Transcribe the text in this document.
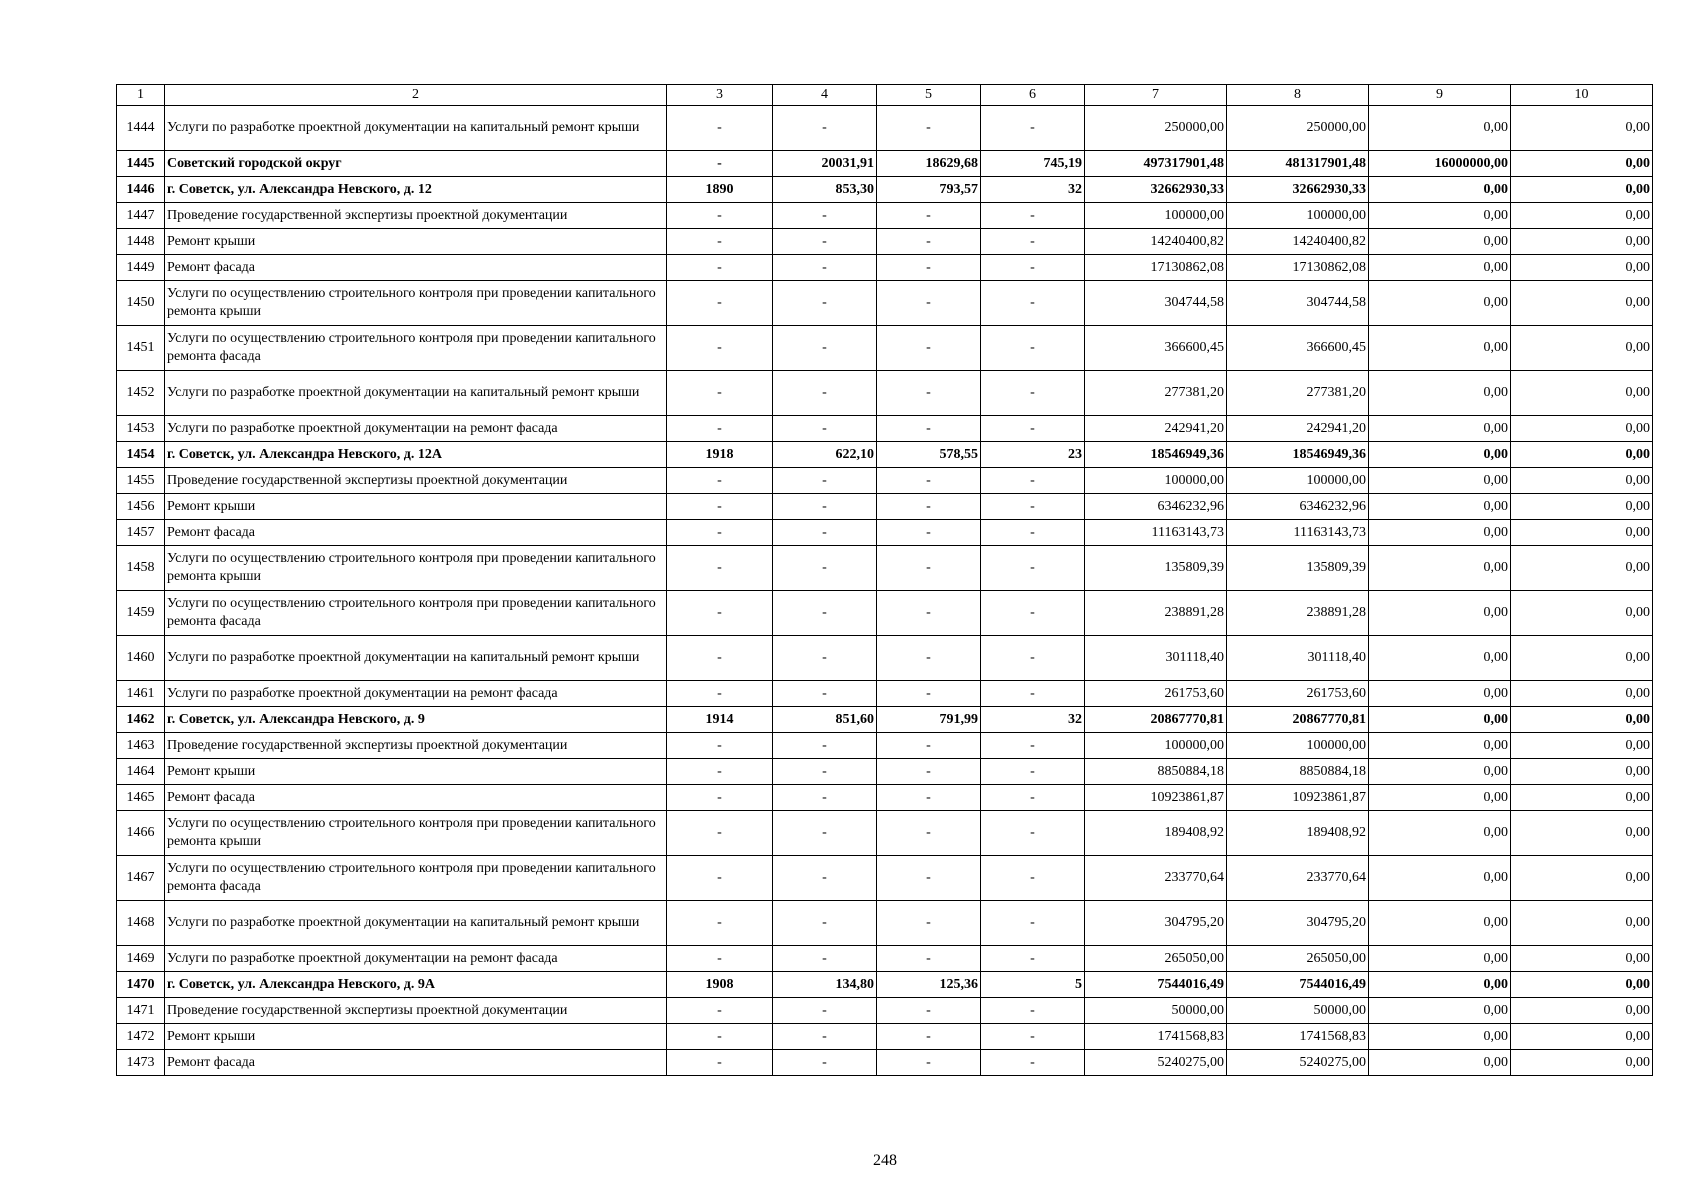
1	2	3	4	5	6	7	8	9	10
1444	Услуги по разработке проектной документации на капитальный ремонт крыши	-	-	-	-	250000,00	250000,00	0,00	0,00
1445	Советский городской округ	-	20031,91	18629,68	745,19	497317901,48	481317901,48	16000000,00	0,00
1446	г. Советск, ул. Александра Невского, д. 12	1890	853,30	793,57	32	32662930,33	32662930,33	0,00	0,00
1447	Проведение государственной экспертизы проектной документации	-	-	-	-	100000,00	100000,00	0,00	0,00
1448	Ремонт крыши	-	-	-	-	14240400,82	14240400,82	0,00	0,00
1449	Ремонт фасада	-	-	-	-	17130862,08	17130862,08	0,00	0,00
1450	Услуги по осуществлению строительного контроля при проведении капитального ремонта крыши	-	-	-	-	304744,58	304744,58	0,00	0,00
1451	Услуги по осуществлению строительного контроля при проведении капитального ремонта фасада	-	-	-	-	366600,45	366600,45	0,00	0,00
1452	Услуги по разработке проектной документации на капитальный ремонт крыши	-	-	-	-	277381,20	277381,20	0,00	0,00
1453	Услуги по разработке проектной документации на ремонт фасада	-	-	-	-	242941,20	242941,20	0,00	0,00
1454	г. Советск, ул. Александра Невского, д. 12А	1918	622,10	578,55	23	18546949,36	18546949,36	0,00	0,00
1455	Проведение государственной экспертизы проектной документации	-	-	-	-	100000,00	100000,00	0,00	0,00
1456	Ремонт крыши	-	-	-	-	6346232,96	6346232,96	0,00	0,00
1457	Ремонт фасада	-	-	-	-	11163143,73	11163143,73	0,00	0,00
1458	Услуги по осуществлению строительного контроля при проведении капитального ремонта крыши	-	-	-	-	135809,39	135809,39	0,00	0,00
1459	Услуги по осуществлению строительного контроля при проведении капитального ремонта фасада	-	-	-	-	238891,28	238891,28	0,00	0,00
1460	Услуги по разработке проектной документации на капитальный ремонт крыши	-	-	-	-	301118,40	301118,40	0,00	0,00
1461	Услуги по разработке проектной документации на ремонт фасада	-	-	-	-	261753,60	261753,60	0,00	0,00
1462	г. Советск, ул. Александра Невского, д. 9	1914	851,60	791,99	32	20867770,81	20867770,81	0,00	0,00
1463	Проведение государственной экспертизы проектной документации	-	-	-	-	100000,00	100000,00	0,00	0,00
1464	Ремонт крыши	-	-	-	-	8850884,18	8850884,18	0,00	0,00
1465	Ремонт фасада	-	-	-	-	10923861,87	10923861,87	0,00	0,00
1466	Услуги по осуществлению строительного контроля при проведении капитального ремонта крыши	-	-	-	-	189408,92	189408,92	0,00	0,00
1467	Услуги по осуществлению строительного контроля при проведении капитального ремонта фасада	-	-	-	-	233770,64	233770,64	0,00	0,00
1468	Услуги по разработке проектной документации на капитальный ремонт крыши	-	-	-	-	304795,20	304795,20	0,00	0,00
1469	Услуги по разработке проектной документации на ремонт фасада	-	-	-	-	265050,00	265050,00	0,00	0,00
1470	г. Советск, ул. Александра Невского, д. 9А	1908	134,80	125,36	5	7544016,49	7544016,49	0,00	0,00
1471	Проведение государственной экспертизы проектной документации	-	-	-	-	50000,00	50000,00	0,00	0,00
1472	Ремонт крыши	-	-	-	-	1741568,83	1741568,83	0,00	0,00
1473	Ремонт фасада	-	-	-	-	5240275,00	5240275,00	0,00	0,00
248
